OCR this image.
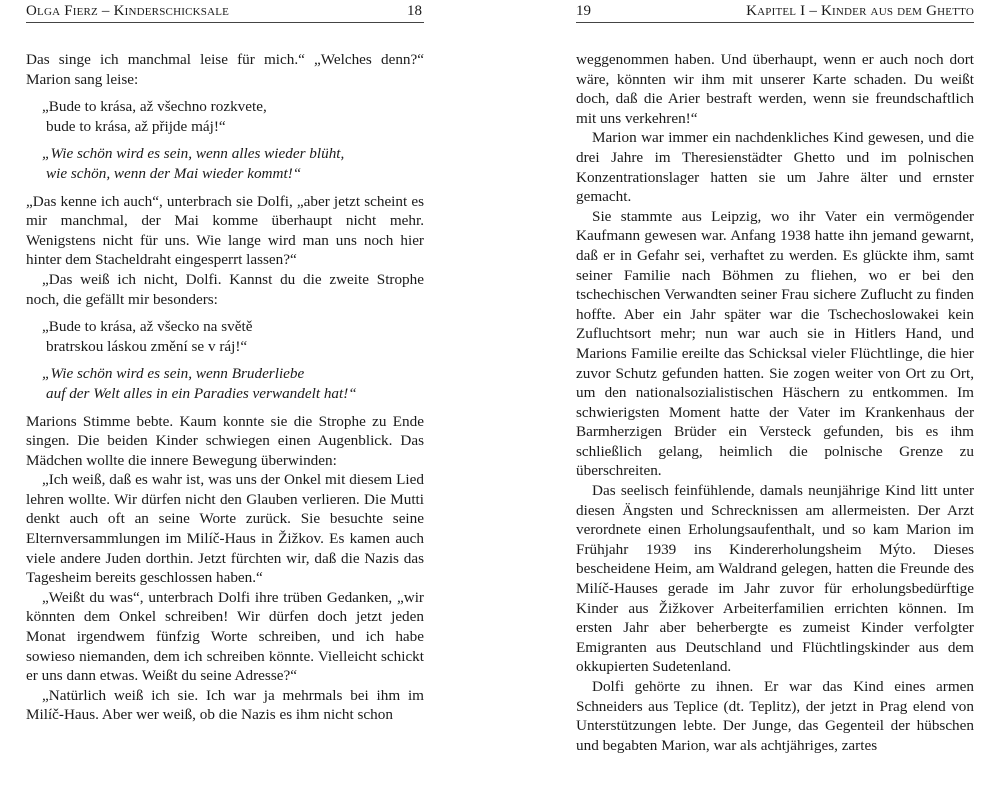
Olga Fierz – Kinderschicksale	18

Das singe ich manchmal leise für mich.“ „Welches denn?“ Marion sang leise:

„Bude to krása, až všechno rozkvete,
bude to krása, až přijde máj!“
„Wie schön wird es sein, wenn alles wieder blüht,
wie schön, wenn der Mai wieder kommt!“

„Das kenne ich auch“, unterbrach sie Dolfi, „aber jetzt scheint es mir manchmal, der Mai komme überhaupt nicht mehr. Wenigstens nicht für uns. Wie lange wird man uns noch hier hinter dem Stacheldraht eingesperrt lassen?“

„Das weiß ich nicht, Dolfi. Kannst du die zweite Strophe noch, die gefällt mir besonders:

„Bude to krása, až všecko na světě
bratrskou láskou změní se v ráj!“
„Wie schön wird es sein, wenn Bruderliebe
auf der Welt alles in ein Paradies verwandelt hat!“

Marions Stimme bebte. Kaum konnte sie die Strophe zu Ende singen. Die beiden Kinder schwiegen einen Augenblick. Das Mädchen wollte die innere Bewegung überwinden:

„Ich weiß, daß es wahr ist, was uns der Onkel mit diesem Lied lehren wollte. Wir dürfen nicht den Glauben verlieren. Die Mutti denkt auch oft an seine Worte zurück. Sie besuchte seine Elternversammlungen im Milíč-Haus in Žižkov. Es kamen auch viele andere Juden dorthin. Jetzt fürchten wir, daß die Nazis das Tagesheim bereits geschlossen haben.“

„Weißt du was“, unterbrach Dolfi ihre trüben Gedanken, „wir könnten dem Onkel schreiben! Wir dürfen doch jetzt jeden Monat irgendwem fünfzig Worte schreiben, und ich habe sowieso niemanden, dem ich schreiben könnte. Vielleicht schickt er uns dann etwas. Weißt du seine Adresse?“

„Natürlich weiß ich sie. Ich war ja mehrmals bei ihm im Milíč-Haus. Aber wer weiß, ob die Nazis es ihm nicht schon

19	Kapitel I – Kinder aus dem Ghetto

weggenommen haben. Und überhaupt, wenn er auch noch dort wäre, könnten wir ihm mit unserer Karte schaden. Du weißt doch, daß die Arier bestraft werden, wenn sie freundschaftlich mit uns verkehren!“

Marion war immer ein nachdenkliches Kind gewesen, und die drei Jahre im Theresienstädter Ghetto und im polnischen Konzentrationslager hatten sie um Jahre älter und ernster gemacht.

Sie stammte aus Leipzig, wo ihr Vater ein vermögender Kaufmann gewesen war. Anfang 1938 hatte ihn jemand gewarnt, daß er in Gefahr sei, verhaftet zu werden. Es glückte ihm, samt seiner Familie nach Böhmen zu fliehen, wo er bei den tschechischen Verwandten seiner Frau sichere Zuflucht zu finden hoffte. Aber ein Jahr später war die Tschechoslowakei kein Zufluchtsort mehr; nun war auch sie in Hitlers Hand, und Marions Familie ereilte das Schicksal vieler Flüchtlinge, die hier zuvor Schutz gefunden hatten. Sie zogen weiter von Ort zu Ort, um den nationalsozialistischen Häschern zu entkommen. Im schwierigsten Moment hatte der Vater im Krankenhaus der Barmherzigen Brüder ein Versteck gefunden, bis es ihm schließlich gelang, heimlich die polnische Grenze zu überschreiten.

Das seelisch feinfühlende, damals neunjährige Kind litt unter diesen Ängsten und Schrecknissen am allermeisten. Der Arzt verordnete einen Erholungsaufenthalt, und so kam Marion im Frühjahr 1939 ins Kindererholungsheim Mýto. Dieses bescheidene Heim, am Waldrand gelegen, hatten die Freunde des Milíč-Hauses gerade im Jahr zuvor für erholungsbedürftige Kinder aus Žižkover Arbeiterfamilien errichten können. Im ersten Jahr aber beherbergte es zumeist Kinder verfolgter Emigranten aus Deutschland und Flüchtlingskinder aus dem okkupierten Sudetenland.

Dolfi gehörte zu ihnen. Er war das Kind eines armen Schneiders aus Teplice (dt. Teplitz), der jetzt in Prag elend von Unterstützungen lebte. Der Junge, das Gegenteil der hübschen und begabten Marion, war als achtjähriges, zartes
